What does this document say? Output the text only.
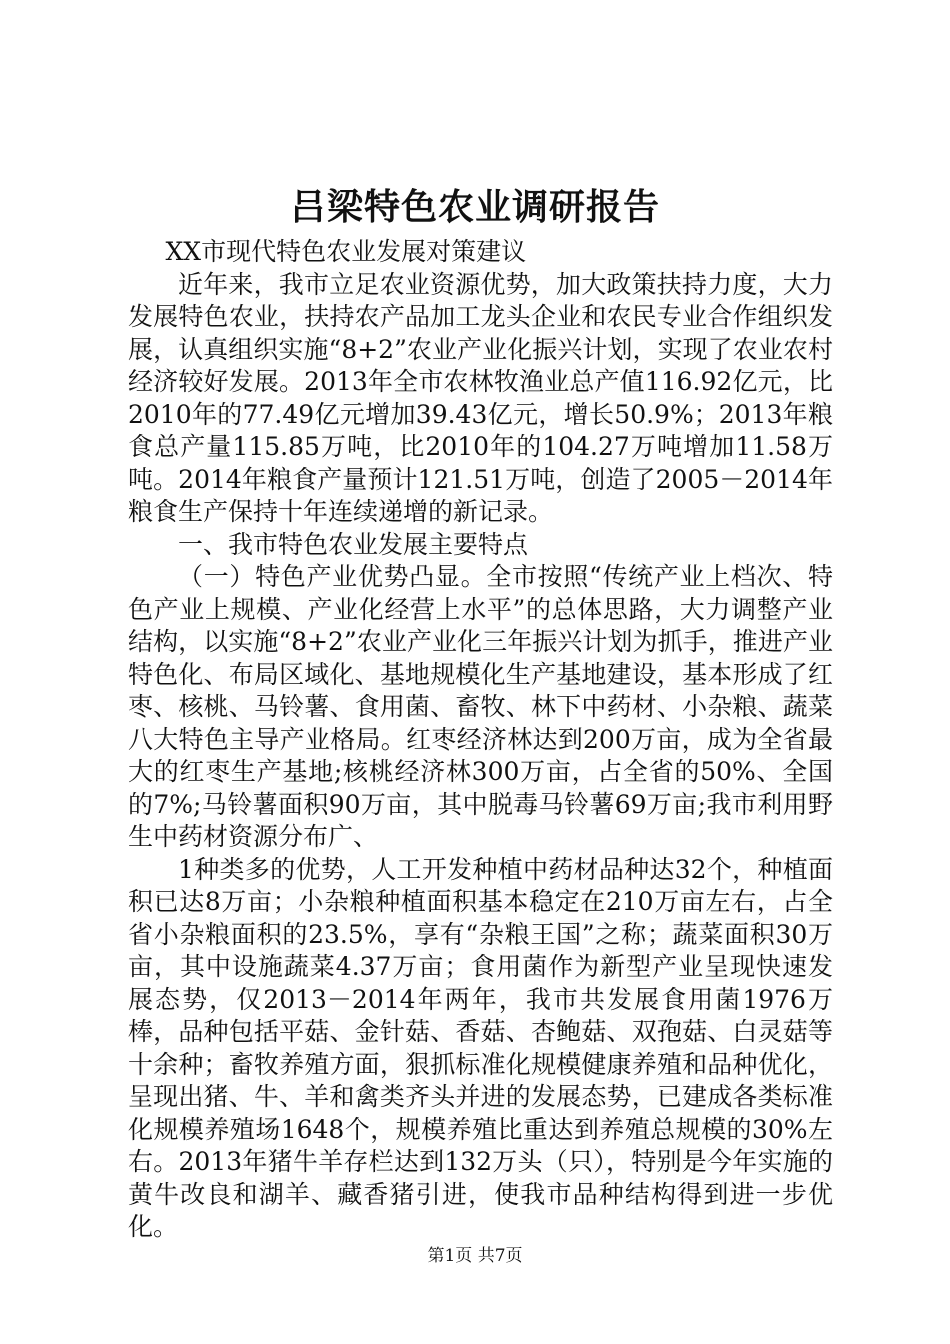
吕梁特色农业调研报告

XX市现代特色农业发展对策建议

近年来，我市立足农业资源优势，加大政策扶持力度，大力发展特色农业，扶持农产品加工龙头企业和农民专业合作组织发展，认真组织实施“8+2”农业产业化振兴计划，实现了农业农村经济较好发展。2013年全市农林牧渔业总产值116.92亿元，比2010年的77.49亿元增加39.43亿元，增长50.9%；2013年粮食总产量115.85万吨，比2010年的104.27万吨增加11.58万吨。2014年粮食产量预计121.51万吨，创造了2005－2014年粮食生产保持十年连续递增的新记录。

一、我市特色农业发展主要特点

（一）特色产业优势凸显。全市按照“传统产业上档次、特色产业上规模、产业化经营上水平”的总体思路，大力调整产业结构，以实施“8+2”农业产业化三年振兴计划为抓手，推进产业特色化、布局区域化、基地规模化生产基地建设，基本形成了红枣、核桃、马铃薯、食用菌、畜牧、林下中药材、小杂粮、蔬菜八大特色主导产业格局。红枣经济林达到200万亩，成为全省最大的红枣生产基地;核桃经济林300万亩，占全省的50%、全国的7%;马铃薯面积90万亩，其中脱毒马铃薯69万亩;我市利用野生中药材资源分布广、

1种类多的优势，人工开发种植中药材品种达32个，种植面积已达8万亩；小杂粮种植面积基本稳定在210万亩左右，占全省小杂粮面积的23.5%，享有“杂粮王国”之称；蔬菜面积30万亩，其中设施蔬菜4.37万亩；食用菌作为新型产业呈现快速发展态势，仅2013－2014年两年，我市共发展食用菌1976万棒，品种包括平菇、金针菇、香菇、杏鲍菇、双孢菇、白灵菇等十余种；畜牧养殖方面，狠抓标准化规模健康养殖和品种优化，呈现出猪、牛、羊和禽类齐头并进的发展态势，已建成各类标准化规模养殖场1648个，规模养殖比重达到养殖总规模的30%左右。2013年猪牛羊存栏达到132万头（只），特别是今年实施的黄牛改良和湖羊、藏香猪引进，使我市品种结构得到进一步优化。

第1页 共7页
